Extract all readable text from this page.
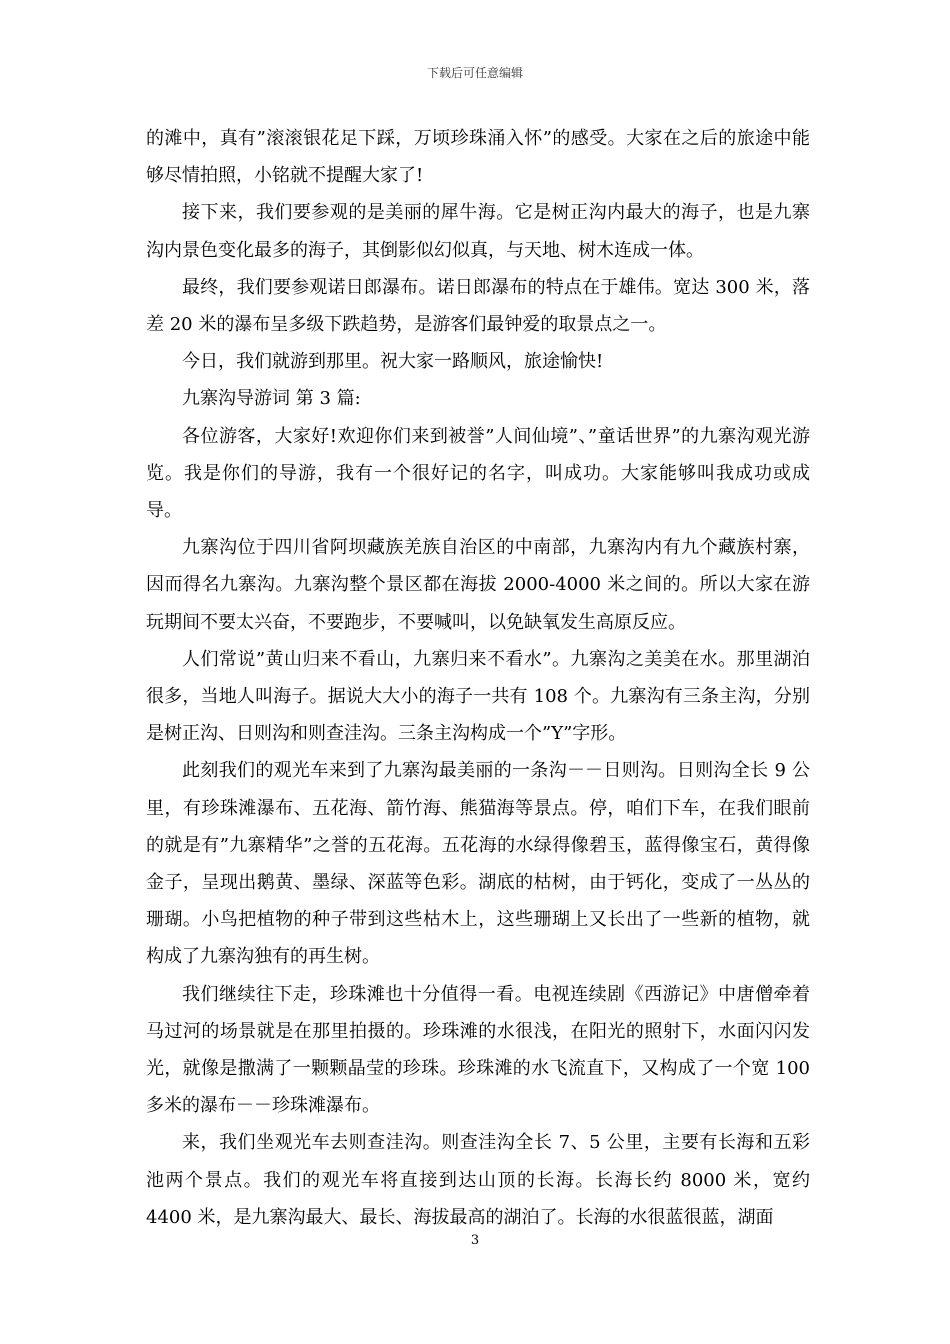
下载后可任意编辑

的滩中，真有”滚滚银花足下踩，万顷珍珠涌入怀”的感受。大家在之后的旅途中能够尽情拍照，小铭就不提醒大家了!

接下来，我们要参观的是美丽的犀牛海。它是树正沟内最大的海子，也是九寨沟内景色变化最多的海子，其倒影似幻似真，与天地、树木连成一体。

最终，我们要参观诺日郎瀑布。诺日郎瀑布的特点在于雄伟。宽达 300 米，落差 20 米的瀑布呈多级下跌趋势，是游客们最钟爱的取景点之一。

今日，我们就游到那里。祝大家一路顺风，旅途愉快!

九寨沟导游词 第 3 篇:

各位游客，大家好!欢迎你们来到被誉”人间仙境”、”童话世界”的九寨沟观光游览。我是你们的导游，我有一个很好记的名字，叫成功。大家能够叫我成功或成导。

九寨沟位于四川省阿坝藏族羌族自治区的中南部，九寨沟内有九个藏族村寨，因而得名九寨沟。九寨沟整个景区都在海拔 2000-4000 米之间的。所以大家在游玩期间不要太兴奋，不要跑步，不要喊叫，以免缺氧发生高原反应。

人们常说”黄山归来不看山，九寨归来不看水”。九寨沟之美美在水。那里湖泊很多，当地人叫海子。据说大大小的海子一共有 108 个。九寨沟有三条主沟，分别是树正沟、日则沟和则查洼沟。三条主沟构成一个”Y”字形。

此刻我们的观光车来到了九寨沟最美丽的一条沟－－日则沟。日则沟全长 9 公里，有珍珠滩瀑布、五花海、箭竹海、熊猫海等景点。停，咱们下车，在我们眼前的就是有”九寨精华”之誉的五花海。五花海的水绿得像碧玉，蓝得像宝石，黄得像金子，呈现出鹅黄、墨绿、深蓝等色彩。湖底的枯树，由于钙化，变成了一丛丛的珊瑚。小鸟把植物的种子带到这些枯木上，这些珊瑚上又长出了一些新的植物，就构成了九寨沟独有的再生树。

我们继续往下走，珍珠滩也十分值得一看。电视连续剧《西游记》中唐僧牵着马过河的场景就是在那里拍摄的。珍珠滩的水很浅，在阳光的照射下，水面闪闪发光，就像是撒满了一颗颗晶莹的珍珠。珍珠滩的水飞流直下，又构成了一个宽 100 多米的瀑布－－珍珠滩瀑布。

来，我们坐观光车去则查洼沟。则查洼沟全长 7、5 公里，主要有长海和五彩池两个景点。我们的观光车将直接到达山顶的长海。长海长约 8000 米，宽约 4400 米，是九寨沟最大、最长、海拔最高的湖泊了。长海的水很蓝很蓝，湖面

3
